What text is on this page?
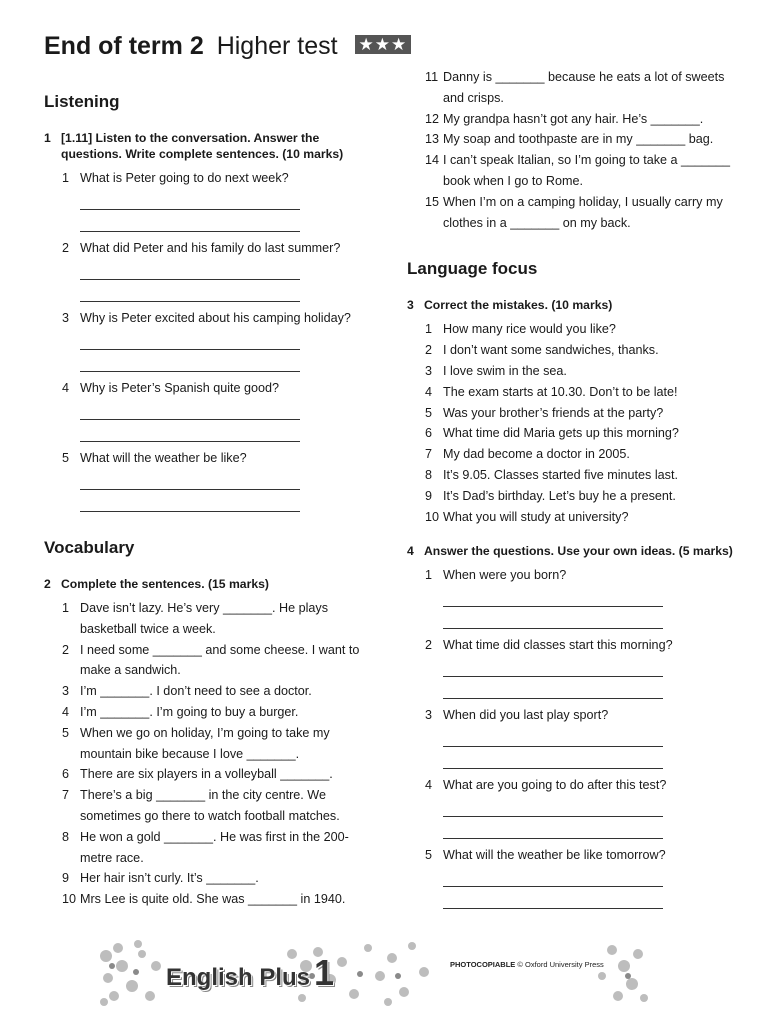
End of term 2 Higher test ★★★
Listening
1 [1.11] Listen to the conversation. Answer the questions. Write complete sentences. (10 marks)
1 What is Peter going to do next week?
2 What did Peter and his family do last summer?
3 Why is Peter excited about his camping holiday?
4 Why is Peter’s Spanish quite good?
5 What will the weather be like?
Vocabulary
2 Complete the sentences. (15 marks)
1 Dave isn’t lazy. He’s very _______. He plays basketball twice a week.
2 I need some _______ and some cheese. I want to make a sandwich.
3 I’m _______. I don’t need to see a doctor.
4 I’m _______. I’m going to buy a burger.
5 When we go on holiday, I’m going to take my mountain bike because I love _______.
6 There are six players in a volleyball _______.
7 There’s a big _______ in the city centre. We sometimes go there to watch football matches.
8 He won a gold _______. He was first in the 200-metre race.
9 Her hair isn’t curly. It’s _______.
10 Mrs Lee is quite old. She was _______ in 1940.
11 Danny is _______ because he eats a lot of sweets and crisps.
12 My grandpa hasn’t got any hair. He’s _______.
13 My soap and toothpaste are in my _______ bag.
14 I can’t speak Italian, so I’m going to take a _______ book when I go to Rome.
15 When I’m on a camping holiday, I usually carry my clothes in a _______ on my back.
Language focus
3 Correct the mistakes. (10 marks)
1 How many rice would you like?
2 I don’t want some sandwiches, thanks.
3 I love swim in the sea.
4 The exam starts at 10.30. Don’t to be late!
5 Was your brother’s friends at the party?
6 What time did Maria gets up this morning?
7 My dad become a doctor in 2005.
8 It’s 9.05. Classes started five minutes last.
9 It’s Dad’s birthday. Let’s buy he a present.
10 What you will study at university?
4 Answer the questions. Use your own ideas. (5 marks)
1 When were you born?
2 What time did classes start this morning?
3 When did you last play sport?
4 What are you going to do after this test?
5 What will the weather be like tomorrow?
English Plus 1	PHOTOCOPIABLE © Oxford University Press
